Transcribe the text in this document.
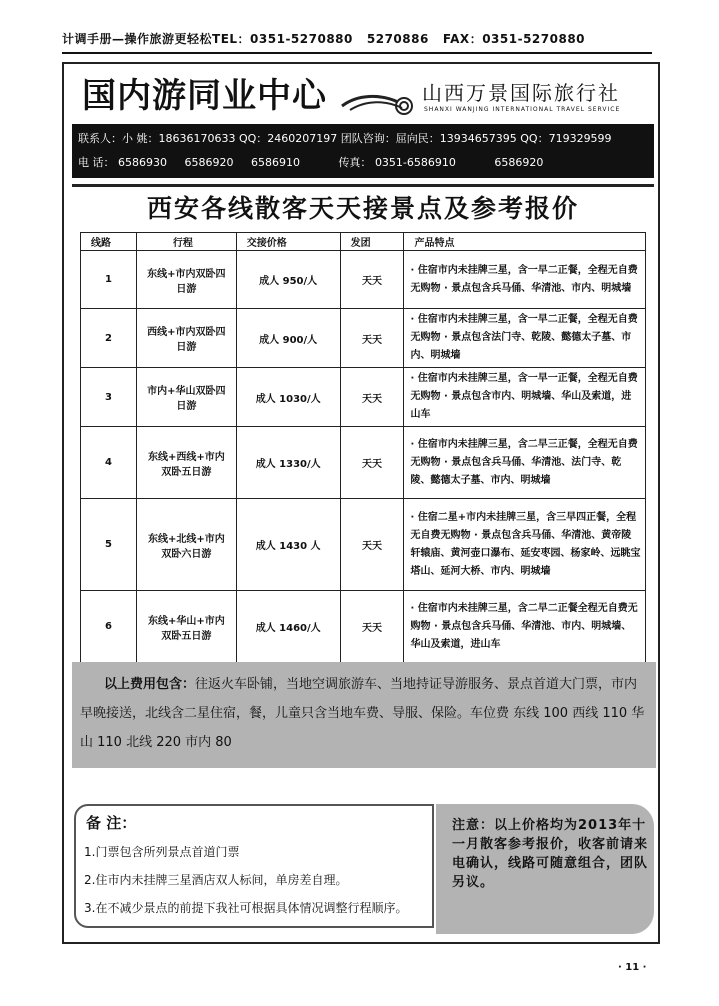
计调手册—操作旅游更轻松TEL：0351-5270880 5270886 FAX：0351-5270880
国内游同业中心	山西万景国际旅行社
SHANXI WANJING INTERNATIONAL TRAVEL SERVICE
联系人：小 姚：18636170633 QQ：2460207197 团队咨询：屈向民：13934657395 QQ：719329599
电 话： 6586930 6586920 6586910	传真： 0351-6586910	6586920
西安各线散客天天接景点及参考报价
线路	行程	交接价格	发团	产品特点
1	东线+市内双卧四日游	成人 950/人	天天	· 住宿市内未挂牌三星，含一早二正餐，全程无自费无购物 · 景点包含兵马俑、华清池、市内、明城墙
2	西线+市内双卧四日游	成人 900/人	天天	· 住宿市内未挂牌三星，含一早二正餐，全程无自费无购物 · 景点包含法门寺、乾陵、懿德太子墓、市内、明城墙
3	市内+华山双卧四日游	成人 1030/人	天天	· 住宿市内未挂牌三星，含一早一正餐，全程无自费无购物 · 景点包含市内、明城墙、华山及索道，进山车
4	东线+西线+市内双卧五日游	成人 1330/人	天天	· 住宿市内未挂牌三星，含二早三正餐，全程无自费无购物 · 景点包含兵马俑、华清池、法门寺、乾陵、懿德太子墓、市内、明城墙
5	东线+北线+市内双卧六日游	成人 1430 人	天天	· 住宿二星+市内未挂牌三星，含三早四正餐，全程无自费无购物 · 景点包含兵马俑、华清池、黄帝陵轩辕庙、黄河壶口瀑布、延安枣园、杨家岭、远眺宝塔山、延河大桥、市内、明城墙
6	东线+华山+市内双卧五日游	成人 1460/人	天天	· 住宿市内未挂牌三星，含二早二正餐全程无自费无购物 · 景点包含兵马俑、华清池、市内、明城墙、华山及索道，进山车
以上费用包含：往返火车卧铺，当地空调旅游车、当地持证导游服务、景点首道大门票，市内早晚接送，北线含二星住宿，餐，儿童只含当地车费、导服、保险。车位费 东线 100 西线 110 华山 110 北线 220 市内 80
备 注：
1.门票包含所列景点首道门票
2.住市内未挂牌三星酒店双人标间，单房差自理。
3.在不减少景点的前提下我社可根据具体情况调整行程顺序。
注意：以上价格均为2013年十一月散客参考报价，收客前请来电确认，线路可随意组合，团队另议。
· 11 ·
